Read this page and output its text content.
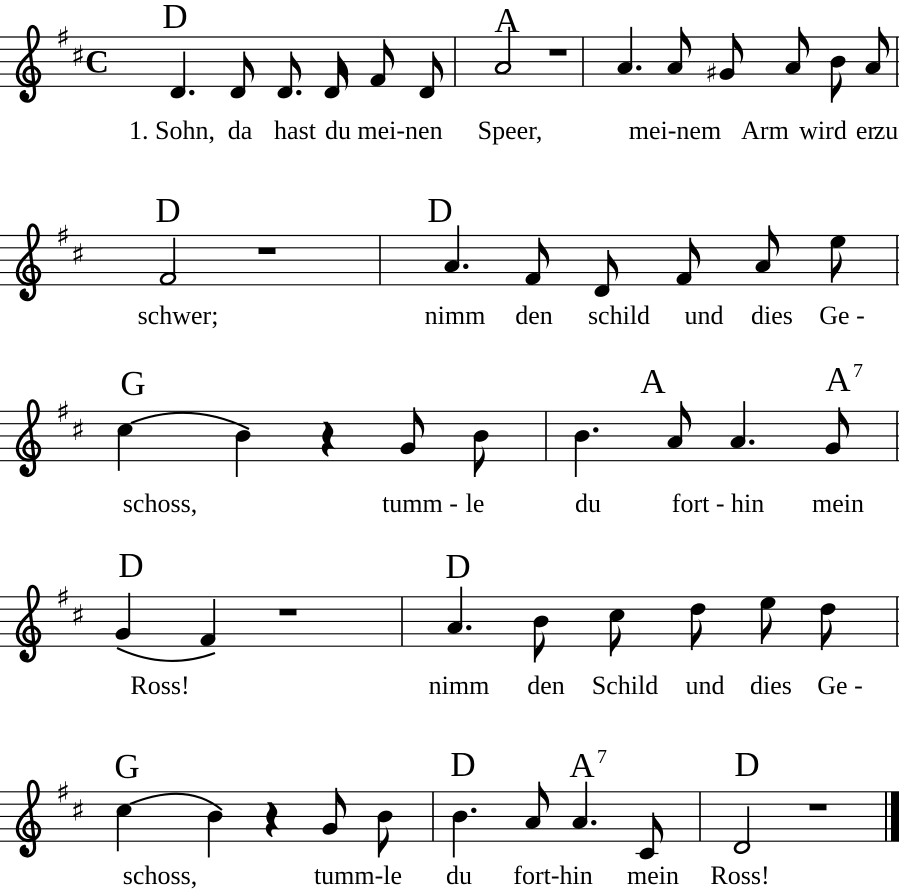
♯
♯ C	♯
D	A
1. Sohn, da hast du mei-nen Speer,	mei-nem Arm wird er
zu
♯
♯
D	D
schwer;	nimm den schild und dies Ge -
♯
♯
G	A	A 7
schoss,	tumm - le	du	fort - hin mein
♯
♯
D	D
Ross!	nimm den Schild und dies Ge -
♯
♯
G	D	A 7	D
schoss,	tumm-le du fort-hin mein Ross!
